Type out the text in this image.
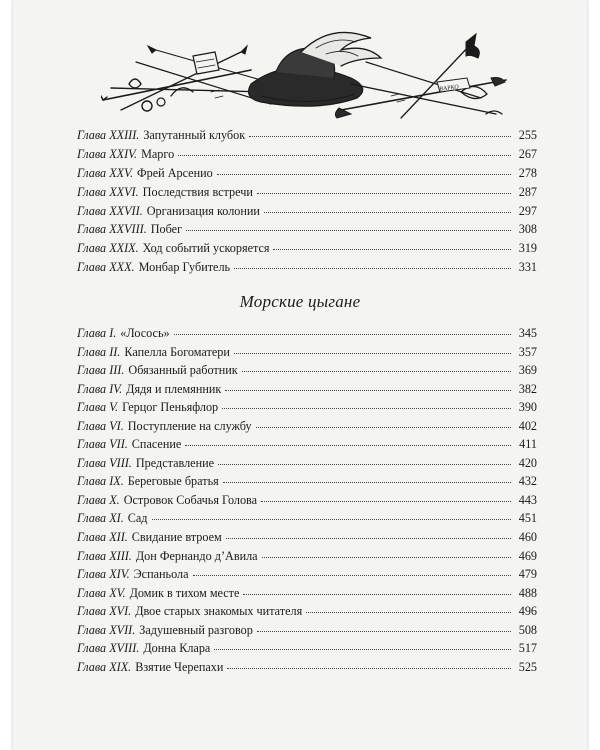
ВАРКО
Глава XXIII. Запутанный клубок	255
Глава XXIV. Марго	267
Глава XXV. Фрей Арсенио	278
Глава XXVI. Последствия встречи	287
Глава XXVII. Организация колонии	297
Глава XXVIII. Побег	308
Глава XXIX. Ход событий ускоряется	319
Глава XXX. Монбар Губитель	331
Морские цыгане
Глава I. «Лосось»	345
Глава II. Капелла Богоматери	357
Глава III. Обязанный работник	369
Глава IV. Дядя и племянник	382
Глава V. Герцог Пеньяфлор	390
Глава VI. Поступление на службу	402
Глава VII. Спасение	411
Глава VIII. Представление	420
Глава IX. Береговые братья	432
Глава X. Островок Собачья Голова	443
Глава XI. Сад	451
Глава XII. Свидание втроем	460
Глава XIII. Дон Фернандо д’Авила	469
Глава XIV. Эспаньола	479
Глава XV. Домик в тихом месте	488
Глава XVI. Двое старых знакомых читателя	496
Глава XVII. Задушевный разговор	508
Глава XVIII. Донна Клара	517
Глава XIX. Взятие Черепахи	525
